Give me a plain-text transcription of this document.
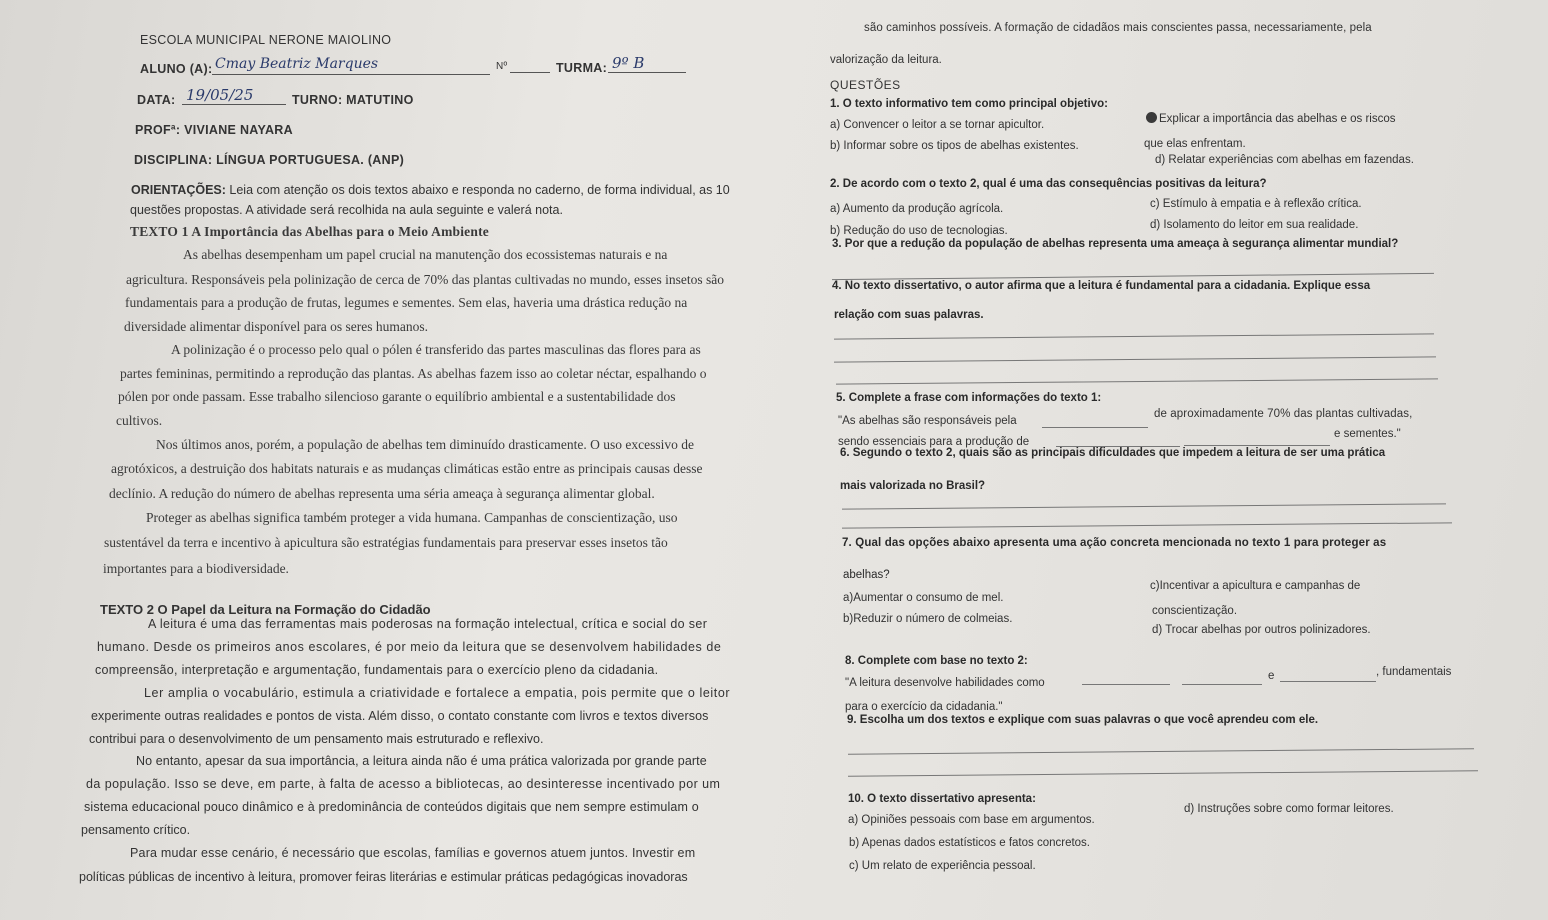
ESCOLA MUNICIPAL NERONE MAIOLINO
ALUNO (A): Cmay Beatriz Marques	Nº	TURMA: 9º B
DATA: 19/05/25	TURNO: MATUTINO
PROFª: VIVIANE NAYARA
DISCIPLINA: LÍNGUA PORTUGUESA. (ANP)
ORIENTAÇÕES: Leia com atenção os dois textos abaixo e responda no caderno, de forma individual, as 10
questões propostas. A atividade será recolhida na aula seguinte e valerá nota.
TEXTO 1 A Importância das Abelhas para o Meio Ambiente
As abelhas desempenham um papel crucial na manutenção dos ecossistemas naturais e na
agricultura. Responsáveis pela polinização de cerca de 70% das plantas cultivadas no mundo, esses insetos são
fundamentais para a produção de frutas, legumes e sementes. Sem elas, haveria uma drástica redução na
diversidade alimentar disponível para os seres humanos.
A polinização é o processo pelo qual o pólen é transferido das partes masculinas das flores para as
partes femininas, permitindo a reprodução das plantas. As abelhas fazem isso ao coletar néctar, espalhando o
pólen por onde passam. Esse trabalho silencioso garante o equilíbrio ambiental e a sustentabilidade dos
cultivos.
Nos últimos anos, porém, a população de abelhas tem diminuído drasticamente. O uso excessivo de
agrotóxicos, a destruição dos habitats naturais e as mudanças climáticas estão entre as principais causas desse
declínio. A redução do número de abelhas representa uma séria ameaça à segurança alimentar global.
Proteger as abelhas significa também proteger a vida humana. Campanhas de conscientização, uso
sustentável da terra e incentivo à apicultura são estratégias fundamentais para preservar esses insetos tão
importantes para a biodiversidade.
TEXTO 2 O Papel da Leitura na Formação do Cidadão
A leitura é uma das ferramentas mais poderosas na formação intelectual, crítica e social do ser
humano. Desde os primeiros anos escolares, é por meio da leitura que se desenvolvem habilidades de
compreensão, interpretação e argumentação, fundamentais para o exercício pleno da cidadania.
Ler amplia o vocabulário, estimula a criatividade e fortalece a empatia, pois permite que o leitor
experimente outras realidades e pontos de vista. Além disso, o contato constante com livros e textos diversos
contribui para o desenvolvimento de um pensamento mais estruturado e reflexivo.
No entanto, apesar da sua importância, a leitura ainda não é uma prática valorizada por grande parte
da população. Isso se deve, em parte, à falta de acesso a bibliotecas, ao desinteresse incentivado por um
sistema educacional pouco dinâmico e à predominância de conteúdos digitais que nem sempre estimulam o
pensamento crítico.
Para mudar esse cenário, é necessário que escolas, famílias e governos atuem juntos. Investir em
políticas públicas de incentivo à leitura, promover feiras literárias e estimular práticas pedagógicas inovadoras
são caminhos possíveis. A formação de cidadãos mais conscientes passa, necessariamente, pela
valorização da leitura.
QUESTÕES
1. O texto informativo tem como principal objetivo:
a) Convencer o leitor a se tornar apicultor.
b) Informar sobre os tipos de abelhas existentes.
Explicar a importância das abelhas e os riscos
que elas enfrentam.
d) Relatar experiências com abelhas em fazendas.
2. De acordo com o texto 2, qual é uma das consequências positivas da leitura?
a) Aumento da produção agrícola.
b) Redução do uso de tecnologias.
c) Estímulo à empatia e à reflexão crítica.
d) Isolamento do leitor em sua realidade.
3. Por que a redução da população de abelhas representa uma ameaça à segurança alimentar mundial?
4. No texto dissertativo, o autor afirma que a leitura é fundamental para a cidadania. Explique essa
relação com suas palavras.
5. Complete a frase com informações do texto 1:
"As abelhas são responsáveis pela
de aproximadamente 70% das plantas cultivadas,
sendo essenciais para a produção de
e sementes."
6. Segundo o texto 2, quais são as principais dificuldades que impedem a leitura de ser uma prática
mais valorizada no Brasil?
7. Qual das opções abaixo apresenta uma ação concreta mencionada no texto 1 para proteger as
abelhas?
a)Aumentar o consumo de mel.
b)Reduzir o número de colmeias.
c)Incentivar a apicultura e campanhas de
conscientização.
d) Trocar abelhas por outros polinizadores.
8. Complete com base no texto 2:
"A leitura desenvolve habilidades como
e	, fundamentais
para o exercício da cidadania."
9. Escolha um dos textos e explique com suas palavras o que você aprendeu com ele.
10. O texto dissertativo apresenta:
a) Opiniões pessoais com base em argumentos.
b) Apenas dados estatísticos e fatos concretos.
c) Um relato de experiência pessoal.
d) Instruções sobre como formar leitores.
